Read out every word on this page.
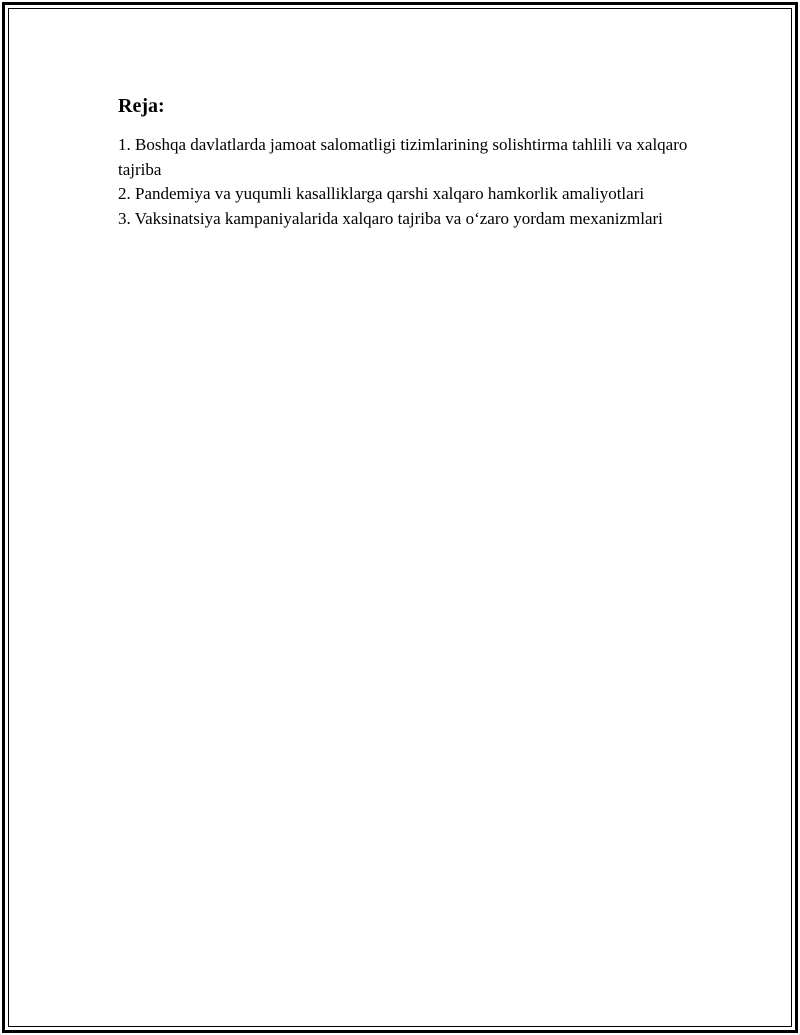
Reja:
1. Boshqa davlatlarda jamoat salomatligi tizimlarining solishtirma tahlili va xalqaro tajriba
2. Pandemiya va yuqumli kasalliklarga qarshi xalqaro hamkorlik amaliyotlari
3. Vaksinatsiya kampaniyalarida xalqaro tajriba va o‘zaro yordam mexanizmlari
